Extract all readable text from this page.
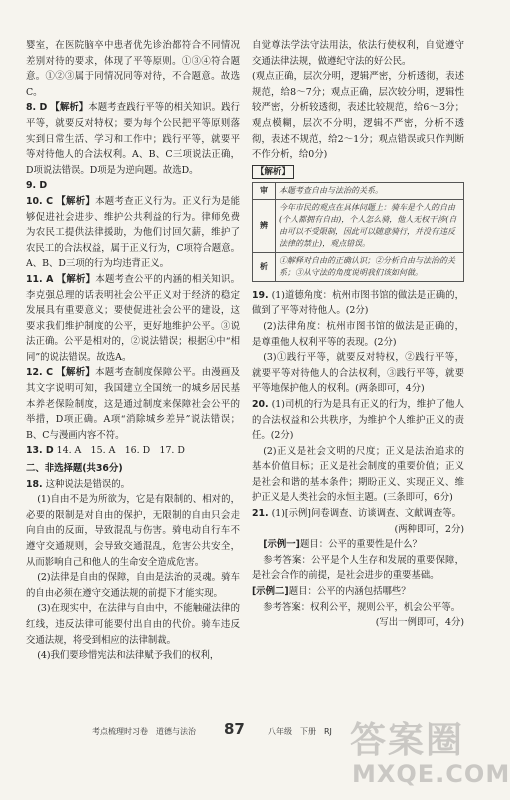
婴室，在医院脑卒中患者优先诊治都符合不同情况差别对待的要求，体现了平等原则。①③④符合题意。①②③属于同情况同等对待，不合题意。故选C。

8. D 【解析】本题考查践行平等的相关知识。践行平等，就要反对特权；要为每个公民把平等原则落实到日常生活、学习和工作中；践行平等，就要平等对待他人的合法权利。A、B、C三项说法正确，D项说法错误。D项是为逆向题。故选D。

9. D

10. C 【解析】本题考查正义行为。正义行为是能够促进社会进步、维护公共利益的行为。律师免费为农民工提供法律援助，为他们讨回欠薪，维护了农民工的合法权益，属于正义行为，C项符合题意。A、B、D三项的行为均违背正义。

11. A 【解析】本题考查公平的内涵的相关知识。李克强总理的话表明社会公平正义对于经济的稳定发展具有重要意义；要使促进社会公平的建设，这要求我们维护制度的公平，更好地维护公平。③说法正确。公平是相对的，②说法错误；根据④中“相同”的说法错误。故选A。

12. C 【解析】本题考查制度保障公平。由漫画及其文字说明可知，我国建立全国统一的城乡居民基本养老保险制度，这是通过制度来保障社会公平的举措，D项正确。A项“消除城乡差异”说法错误；B、C与漫画内容不符。

13. D 14. A　15. A　16. D　17. D

二、非选择题(共36分)

18. 这种说法是错误的。

(1)自由不是为所欲为，它是有限制的、相对的，必要的限制是对自由的保护，无限制的自由只会走向自由的反面，导致混乱与伤害。骑电动自行车不遵守交通规则，会导致交通混乱，危害公共安全，从而影响自己和他人的生命安全造成危害。

(2)法律是自由的保障，自由是法治的灵魂。骑车的自由必须在遵守交通法规的前提下才能实现。

(3)在现实中，在法律与自由中，不能触碰法律的红线，违反法律可能要付出自由的代价。骑车违反交通法规，将受到相应的法律制裁。

(4)我们要珍惜宪法和法律赋予我们的权利，

自觉尊法学法守法用法，依法行使权利，自觉遵守交通法律法规，做遵纪守法的好公民。

(观点正确，层次分明，逻辑严密，分析透彻，表述规范，给8～7分；观点正确，层次较分明，逻辑性较严密，分析较透彻，表述比较规范，给6～3分；观点模糊，层次不分明，逻辑不严密，分析不透彻，表述不规范，给2～1分；观点错误或只作判断不作分析，给0分)

【解析】
审	本题考查自由与法治的关系。
辨	今年市民的观点在具体问题上：骑车是个人的自由(个人都拥有自由)，个人怎么骑，他人无权干涉(自由可以不受限制，因此可以随意骑行，并没有违反法律的禁止)，观点错误。
析	①解释对自由的正确认识；②分析自由与法治的关系；③从守法的角度说明我们该如何做。

19. (1)道德角度：杭州市图书馆的做法是正确的，做到了平等对待他人。(2分)

(2)法律角度：杭州市图书馆的做法是正确的，是尊重他人权利平等的表现。(2分)

(3)①践行平等，就要反对特权，②践行平等，就要平等对待他人的合法权利，③践行平等，就要平等地保护他人的权利。(两条即可，4分)

20. (1)司机的行为是具有正义的行为，维护了他人的合法权益和公共秩序，为维护个人维护正义的责任。(2分)

(2)正义是社会文明的尺度；正义是法治追求的基本价值目标；正义是社会制度的重要价值；正义是社会和谐的基本条件；期盼正义、实现正义、维护正义是人类社会的永恒主题。(三条即可，6分)

21. (1)[示例]问卷调查、访谈调查、文献调查等。

(两种即可，2分)

[示例一]题目：公平的重要性是什么？

参考答案：公平是个人生存和发展的重要保障，是社会合作的前提，是社会进步的重要基础。

[示例二]题目：公平的内涵包括哪些？

参考答案：权利公平，规则公平，机会公平等。

(写出一例即可，4分)

考点梳理时习卷　道德与法治 87	八年级　下册　RJ 答案圈
MXQE.COM
